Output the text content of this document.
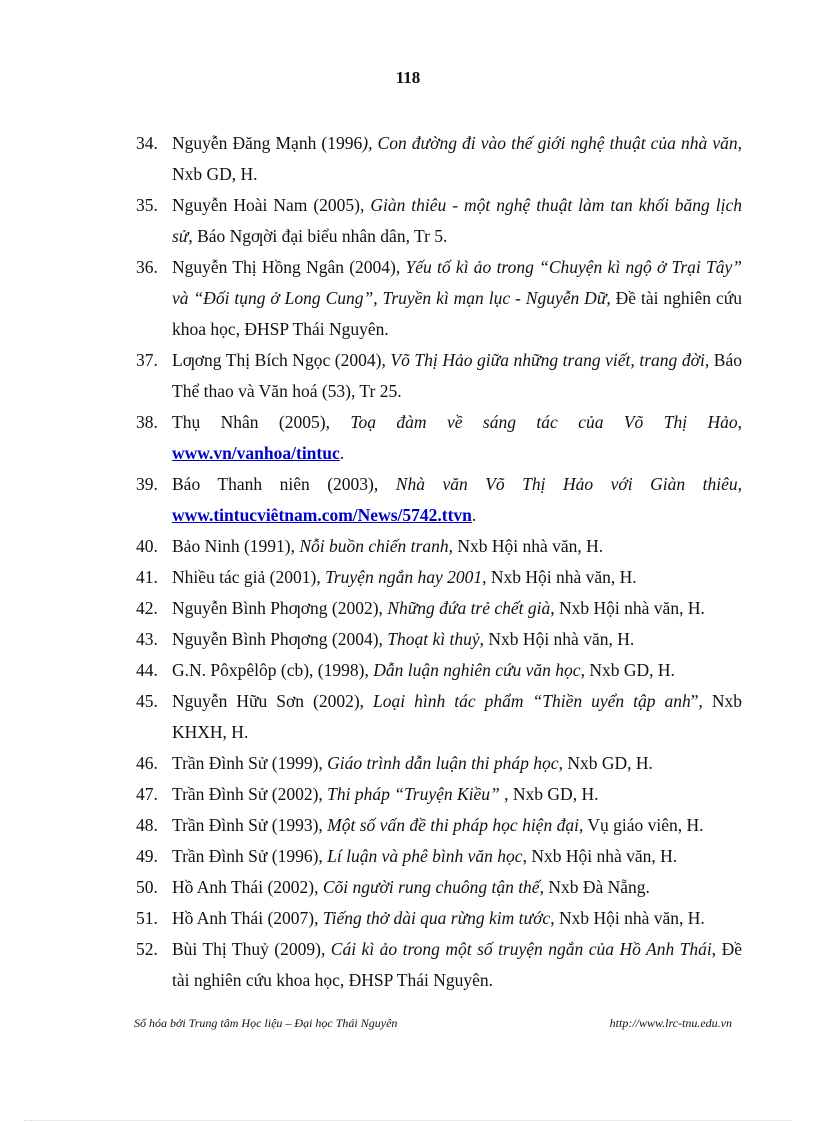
118
34. Nguyễn Đăng Mạnh (1996), Con đường đi vào thế giới nghệ thuật của nhà văn, Nxb GD, H.
35. Nguyễn Hoài Nam (2005), Giàn thiêu - một nghệ thuật làm tan khối băng lịch sử, Báo Ngƣời đại biểu nhân dân, Tr 5.
36. Nguyễn Thị Hồng Ngân (2004), Yếu tố kì ảo trong “Chuyện kì ngộ ở Trại Tây” và “Đối tụng ở Long Cung”, Truyền kì mạn lục - Nguyễn Dữ, Đề tài nghiên cứu khoa học, ĐHSP Thái Nguyên.
37. Lƣơng Thị Bích Ngọc (2004), Võ Thị Hảo giữa những trang viết, trang đời, Báo Thể thao và Văn hoá (53), Tr 25.
38. Thụ Nhân (2005), Toạ đàm về sáng tác của Võ Thị Hảo, www.vn/vanhoa/tintuc.
39. Báo Thanh niên (2003), Nhà văn Võ Thị Hảo với Giàn thiêu, www.tintucviêtnam.com/News/5742.ttvn.
40. Bảo Ninh (1991), Nỗi buồn chiến tranh, Nxb Hội nhà văn, H.
41. Nhiều tác giả (2001), Truyện ngắn hay 2001, Nxb Hội nhà văn, H.
42. Nguyễn Bình Phƣơng (2002), Những đứa trẻ chết già, Nxb Hội nhà văn, H.
43. Nguyễn Bình Phƣơng (2004), Thoạt kì thuỷ, Nxb Hội nhà văn, H.
44. G.N. Pôxpêlôp (cb), (1998), Dẫn luận nghiên cứu văn học, Nxb GD, H.
45. Nguyễn Hữu Sơn (2002), Loại hình tác phẩm “Thiền uyển tập anh”, Nxb KHXH, H.
46. Trần Đình Sử (1999), Giáo trình dẫn luận thi pháp học, Nxb GD, H.
47. Trần Đình Sử (2002), Thi pháp “Truyện Kiều” , Nxb GD, H.
48. Trần Đình Sử (1993), Một số vấn đề thi pháp học hiện đại, Vụ giáo viên, H.
49. Trần Đình Sử (1996), Lí luận và phê bình văn học, Nxb Hội nhà văn, H.
50. Hồ Anh Thái (2002), Cõi người rung chuông tận thế, Nxb Đà Nẵng.
51. Hồ Anh Thái (2007), Tiếng thở dài qua rừng kim tước, Nxb Hội nhà văn, H.
52. Bùi Thị Thuỷ (2009), Cái kì ảo trong một số truyện ngắn của Hồ Anh Thái, Đề tài nghiên cứu khoa học, ĐHSP Thái Nguyên.
Số hóa bởi Trung tâm Học liệu – Đại học Thái Nguyên	http://www.lrc-tnu.edu.vn
